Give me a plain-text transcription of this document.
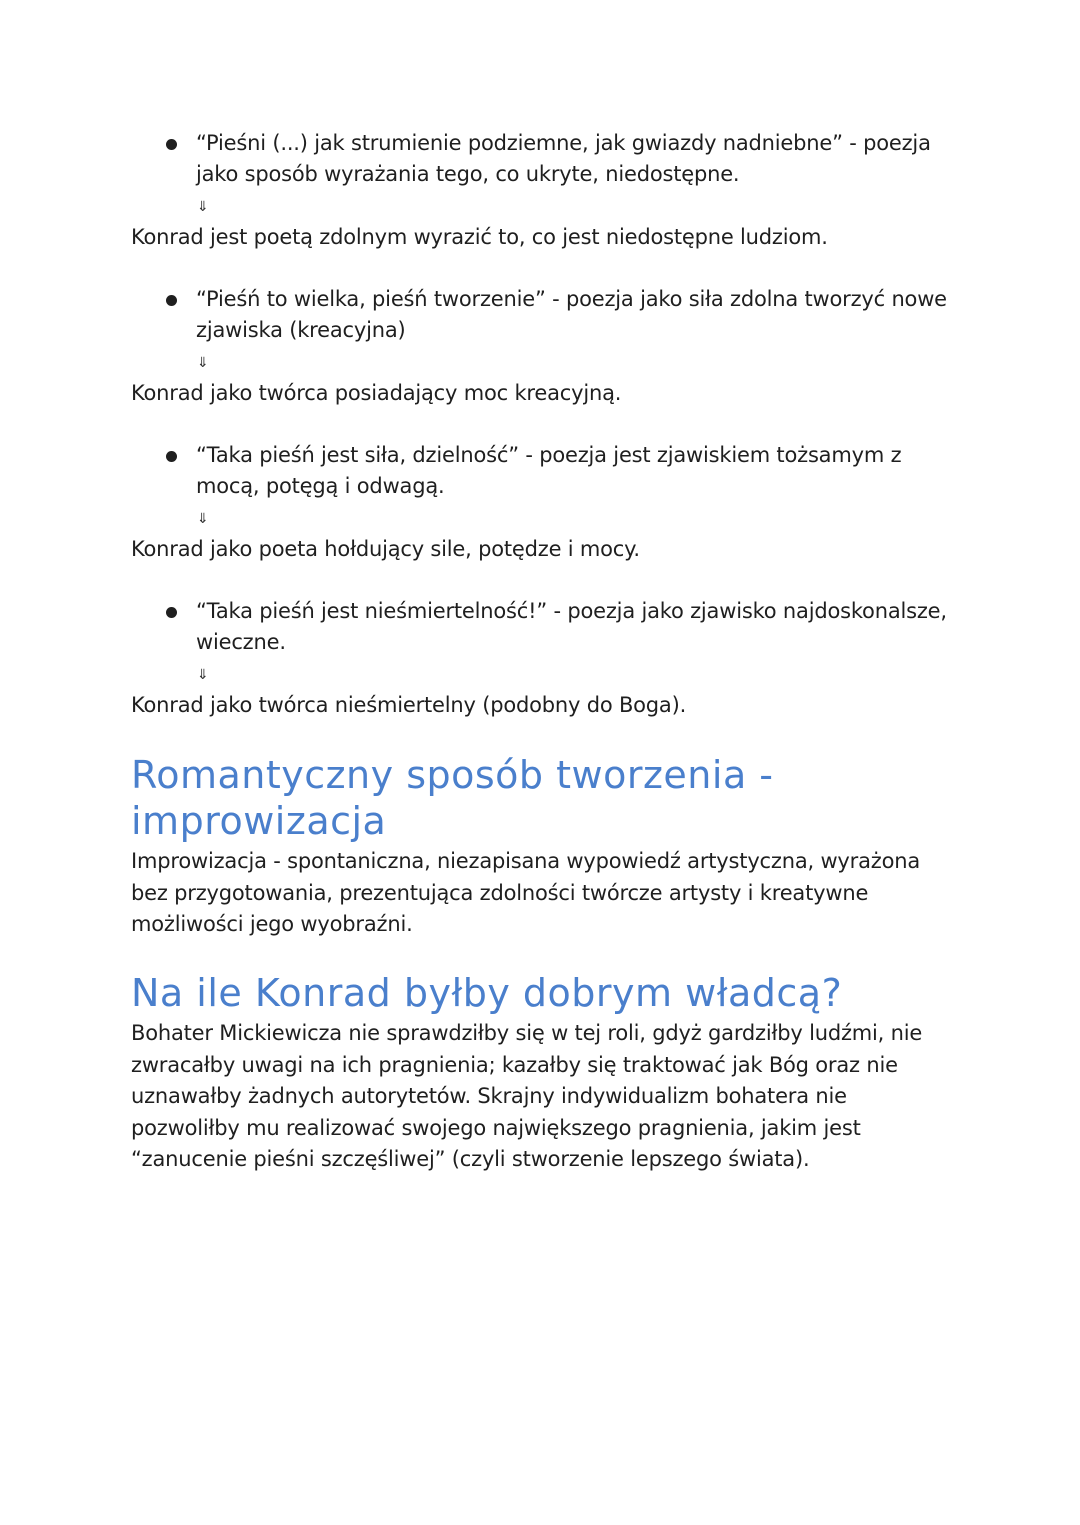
“Pieśni (...) jak strumienie podziemne, jak gwiazdy nadniebne” - poezja jako sposób wyrażania tego, co ukryte, niedostępne.

⇓

Konrad jest poetą zdolnym wyrazić to, co jest niedostępne ludziom.

“Pieśń to wielka, pieśń tworzenie” - poezja jako siła zdolna tworzyć nowe zjawiska (kreacyjna)

⇓

Konrad jako twórca posiadający moc kreacyjną.

“Taka pieśń jest siła, dzielność” - poezja jest zjawiskiem tożsamym z mocą, potęgą i odwagą.

⇓

Konrad jako poeta hołdujący sile, potędze i mocy.

“Taka pieśń jest nieśmiertelność!” - poezja jako zjawisko najdoskonalsze, wieczne.

⇓

Konrad jako twórca nieśmiertelny (podobny do Boga).

Romantyczny sposób tworzenia - improwizacja

Improwizacja - spontaniczna, niezapisana wypowiedź artystyczna, wyrażona bez przygotowania, prezentująca zdolności twórcze artysty i kreatywne możliwości jego wyobraźni.

Na ile Konrad byłby dobrym władcą?

Bohater Mickiewicza nie sprawdziłby się w tej roli, gdyż gardziłby ludźmi, nie zwracałby uwagi na ich pragnienia; kazałby się traktować jak Bóg oraz nie uznawałby żadnych autorytetów. Skrajny indywidualizm bohatera nie pozwoliłby mu realizować swojego największego pragnienia, jakim jest “zanucenie pieśni szczęśliwej” (czyli stworzenie lepszego świata).
